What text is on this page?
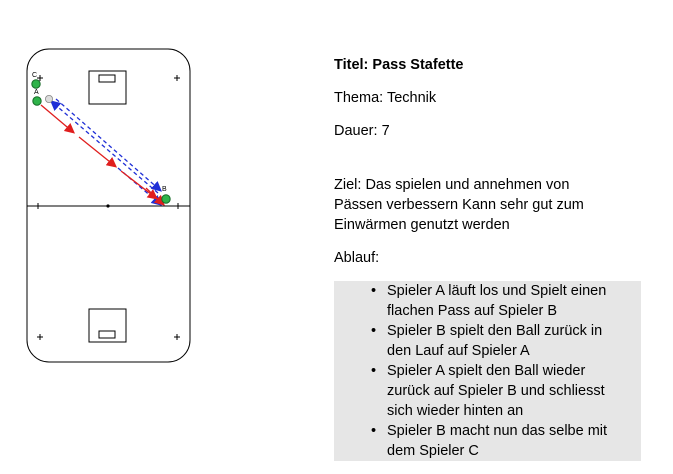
C
A
B
Titel: Pass Stafette
Thema: Technik
Dauer: 7
Ziel: Das spielen und annehmen von
Pässen verbessern Kann sehr gut zum
Einwärmen genutzt werden
Ablauf:
• Spieler A läuft los und Spielt einen
flachen Pass auf Spieler B
• Spieler B spielt den Ball zurück in
den Lauf auf Spieler A
• Spieler A spielt den Ball wieder
zurück auf Spieler B und schliesst
sich wieder hinten an
• Spieler B macht nun das selbe mit
dem Spieler C
